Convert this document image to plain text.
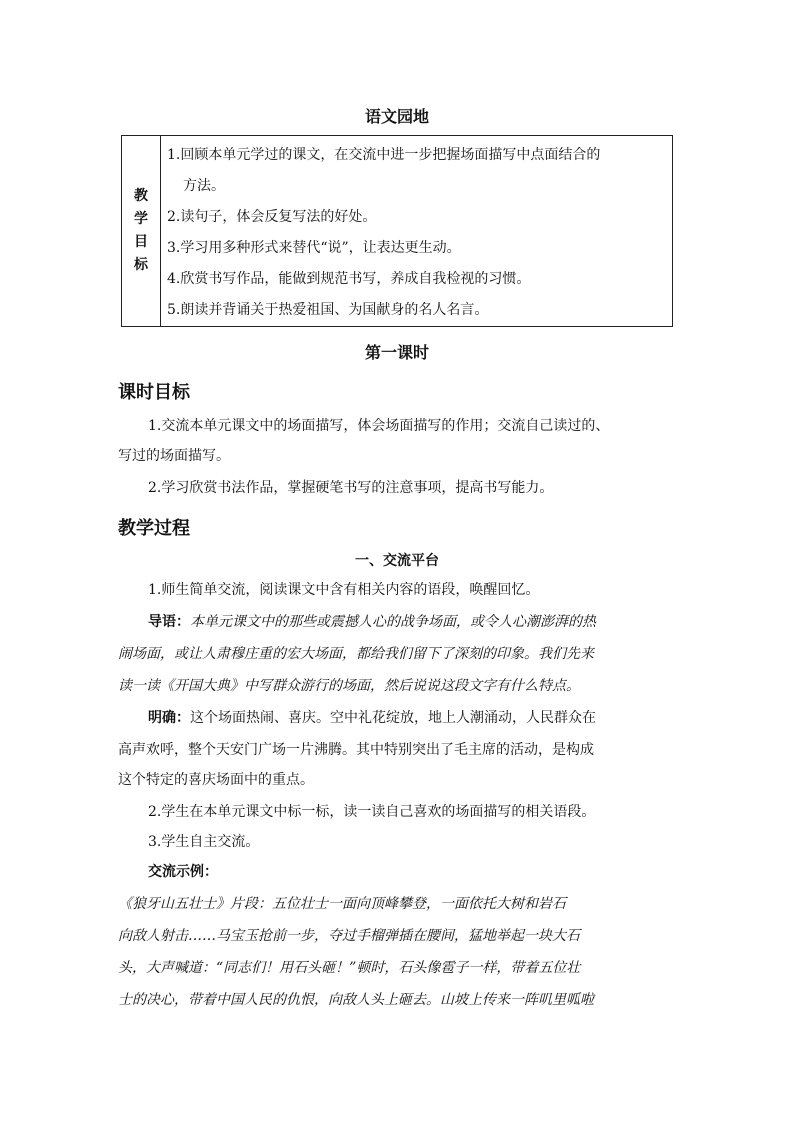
语文园地
教
学
目
标

1.回顾本单元学过的课文，在交流中进一步把握场面描写中点面结合的
方法。
2.读句子，体会反复写法的好处。
3.学习用多种形式来替代“说”，让表达更生动。
4.欣赏书写作品，能做到规范书写，养成自我检视的习惯。
5.朗读并背诵关于热爱祖国、为国献身的名人名言。
第一课时
课时目标
1.交流本单元课文中的场面描写，体会场面描写的作用；交流自己读过的、
写过的场面描写。
2.学习欣赏书法作品，掌握硬笔书写的注意事项，提高书写能力。
教学过程
一、交流平台
1.师生简单交流，阅读课文中含有相关内容的语段，唤醒回忆。
导语：本单元课文中的那些或震撼人心的战争场面，或令人心潮澎湃的热
闹场面，或让人肃穆庄重的宏大场面，都给我们留下了深刻的印象。我们先来
读一读《开国大典》中写群众游行的场面，然后说说这段文字有什么特点。
明确：这个场面热闹、喜庆。空中礼花绽放，地上人潮涌动，人民群众在
高声欢呼，整个天安门广场一片沸腾。其中特别突出了毛主席的活动，是构成
这个特定的喜庆场面中的重点。
2.学生在本单元课文中标一标，读一读自己喜欢的场面描写的相关语段。
3.学生自主交流。
交流示例：
《狼牙山五壮士》片段：五位壮士一面向顶峰攀登，一面依托大树和岩石
向敌人射击……马宝玉抢前一步，夺过手榴弹插在腰间，猛地举起一块大石
头，大声喊道：“同志们！用石头砸！”顿时，石头像雹子一样，带着五位壮
士的决心，带着中国人民的仇恨，向敌人头上砸去。山坡上传来一阵叽里呱啦
